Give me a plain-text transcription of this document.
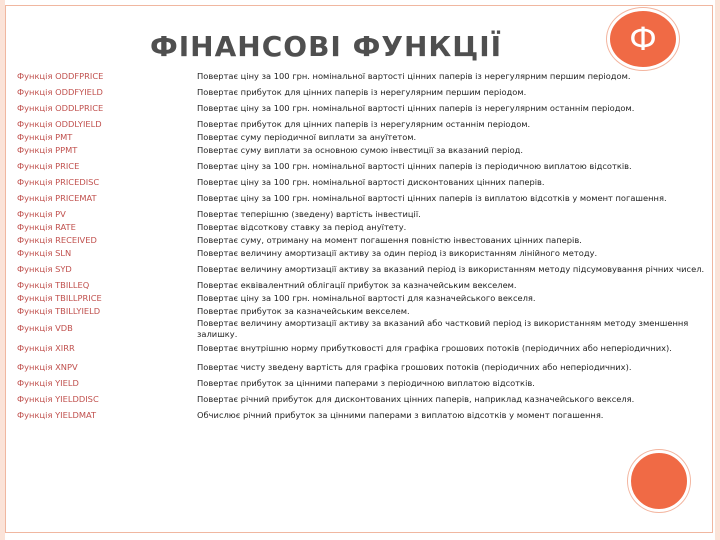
ФІНАНСОВІ ФУНКЦІЇ	Ф
Функція ODDFPRICE	Повертає ціну за 100 грн. номінальної вартості цінних паперів із нерегулярним першим періодом.
Функція ODDFYIELD	Повертає прибуток для цінних паперів із нерегулярним першим періодом.
Функція ODDLPRICE	Повертає ціну за 100 грн. номінальної вартості цінних паперів із нерегулярним останнім періодом.
Функція ODDLYIELD	Повертає прибуток для цінних паперів із нерегулярним останнім періодом.
Функція PMT	Повертає суму періодичної виплати за ануїтетом.
Функція PPMT	Повертає суму виплати за основною сумою інвестиції за вказаний період.
Функція PRICE	Повертає ціну за 100 грн. номінальної вартості цінних паперів із періодичною виплатою відсотків.
Функція PRICEDISC	Повертає ціну за 100 грн. номінальної вартості дисконтованих цінних паперів.
Функція PRICEMAT	Повертає ціну за 100 грн. номінальної вартості цінних паперів із виплатою відсотків у момент погашення.
Функція PV	Повертає теперішню (зведену) вартість інвестиції.
Функція RATE	Повертає відсоткову ставку за період ануїтету.
Функція RECEIVED	Повертає суму, отриману на момент погашення повністю інвестованих цінних паперів.
Функція SLN	Повертає величину амортизації активу за один період із використанням лінійного методу.
Функція SYD	Повертає величину амортизації активу за вказаний період із використанням методу підсумовування річних чисел.
Функція TBILLEQ	Повертає еквівалентний облігації прибуток за казначейським векселем.
Функція TBILLPRICE	Повертає ціну за 100 грн. номінальної вартості для казначейського векселя.
Функція TBILLYIELD	Повертає прибуток за казначейським векселем.
Функція VDB	Повертає величину амортизації активу за вказаний або частковий період із використанням методу зменшення залишку.
Функція XIRR	Повертає внутрішню норму прибутковості для графіка грошових потоків (періодичних або неперіодичних).
Функція XNPV	Повертає чисту зведену вартість для графіка грошових потоків (періодичних або неперіодичних).
Функція YIELD	Повертає прибуток за цінними паперами з періодичною виплатою відсотків.
Функція YIELDDISC	Повертає річний прибуток для дисконтованих цінних паперів, наприклад казначейського векселя.
Функція YIELDMAT	Обчислює річний прибуток за цінними паперами з виплатою відсотків у момент погашення.
